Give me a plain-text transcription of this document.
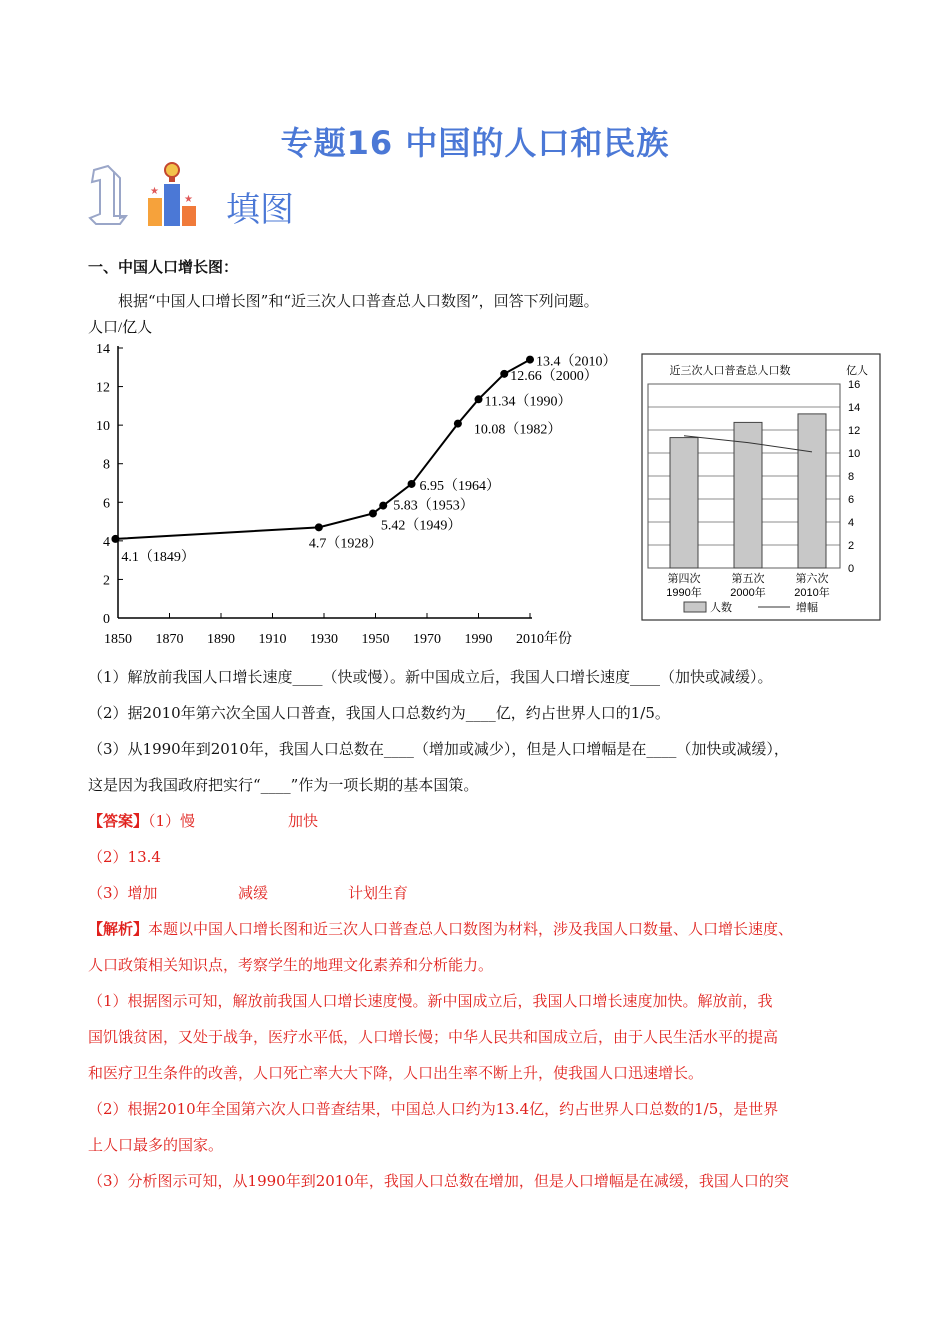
专题16 中国的人口和民族
★
★ 填图
一、中国人口增长图：
根据“中国人口增长图”和“近三次人口普查总人口数图”，回答下列问题。
人口/亿人
0
2
4
6
8
10
12
14
1850 1870 1890 1910 1930 1950 1970 1990 2010 年份
4.1（1849）
4.7（1928）
5.42（1949）
5.83（1953）
6.95（1964）
10.08（1982）
11.34（1990）
12.66（2000）
13.4（2010）
近三次人口普查总人口数	亿人
0
2
4
6
8
10
12
14
16
第四次
1990年
第五次
2000年
第六次
2010年
人数	增幅
（1）解放前我国人口增长速度____（快或慢）。新中国成立后，我国人口增长速度____（加快或减缓）。
（2）据2010年第六次全国人口普查，我国人口总数约为____亿，约占世界人口的1/5。
（3）从1990年到2010年，我国人口总数在____（增加或减少），但是人口增幅是在____（加快或减缓），
这是因为我国政府把实行“____”作为一项长期的基本国策。
【答案】（1）慢	加快
（2）13.4
（3）增加	减缓	计划生育
【解析】本题以中国人口增长图和近三次人口普查总人口数图为材料，涉及我国人口数量、人口增长速度、
人口政策相关知识点，考察学生的地理文化素养和分析能力。
（1）根据图示可知，解放前我国人口增长速度慢。新中国成立后，我国人口增长速度加快。解放前，我
国饥饿贫困，又处于战争，医疗水平低，人口增长慢；中华人民共和国成立后，由于人民生活水平的提高
和医疗卫生条件的改善，人口死亡率大大下降，人口出生率不断上升，使我国人口迅速增长。
（2）根据2010年全国第六次人口普查结果，中国总人口约为13.4亿，约占世界人口总数的1/5，是世界
上人口最多的国家。
（3）分析图示可知，从1990年到2010年，我国人口总数在增加，但是人口增幅是在减缓，我国人口的突
